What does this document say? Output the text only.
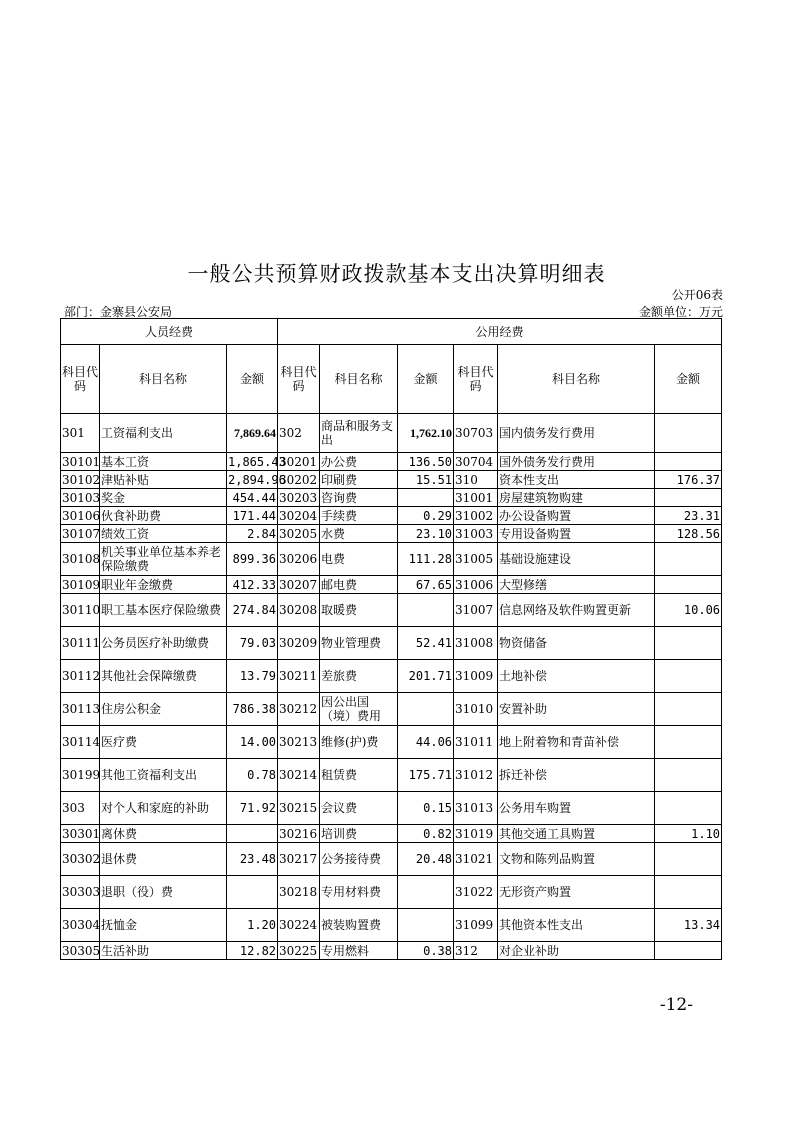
一般公共预算财政拨款基本支出决算明细表
公开06表
部门：金寨县公安局	金额单位：万元
人员经费			公用经费					
科目代码	科目名称	金额	科目代码	科目名称	金额	科目代码	科目名称	金额
301	工资福利支出	7,869.64	302	商品和服务支出	1,762.10	30703	国内债务发行费用	
30101	基本工资	1,865.43	30201	办公费	136.50	30704	国外债务发行费用	
30102	津贴补贴	2,894.96	30202	印刷费	15.51	310	资本性支出	176.37
30103	奖金	454.44	30203	咨询费		31001	房屋建筑物购建	
30106	伙食补助费	171.44	30204	手续费	0.29	31002	办公设备购置	23.31
30107	绩效工资	2.84	30205	水费	23.10	31003	专用设备购置	128.56
30108	机关事业单位基本养老保险缴费	899.36	30206	电费	111.28	31005	基础设施建设	
30109	职业年金缴费	412.33	30207	邮电费	67.65	31006	大型修缮	
30110	职工基本医疗保险缴费	274.84	30208	取暖费		31007	信息网络及软件购置更新	10.06
30111	公务员医疗补助缴费	79.03	30209	物业管理费	52.41	31008	物资储备	
30112	其他社会保障缴费	13.79	30211	差旅费	201.71	31009	土地补偿	
30113	住房公积金	786.38	30212	因公出国（境）费用		31010	安置补助	
30114	医疗费	14.00	30213	维修(护)费	44.06	31011	地上附着物和青苗补偿	
30199	其他工资福利支出	0.78	30214	租赁费	175.71	31012	拆迁补偿	
303	对个人和家庭的补助	71.92	30215	会议费	0.15	31013	公务用车购置	
30301	离休费		30216	培训费	0.82	31019	其他交通工具购置	1.10
30302	退休费	23.48	30217	公务接待费	20.48	31021	文物和陈列品购置	
30303	退职（役）费		30218	专用材料费		31022	无形资产购置	
30304	抚恤金	1.20	30224	被装购置费		31099	其他资本性支出	13.34
30305	生活补助	12.82	30225	专用燃料	0.38	312	对企业补助	
-12-
